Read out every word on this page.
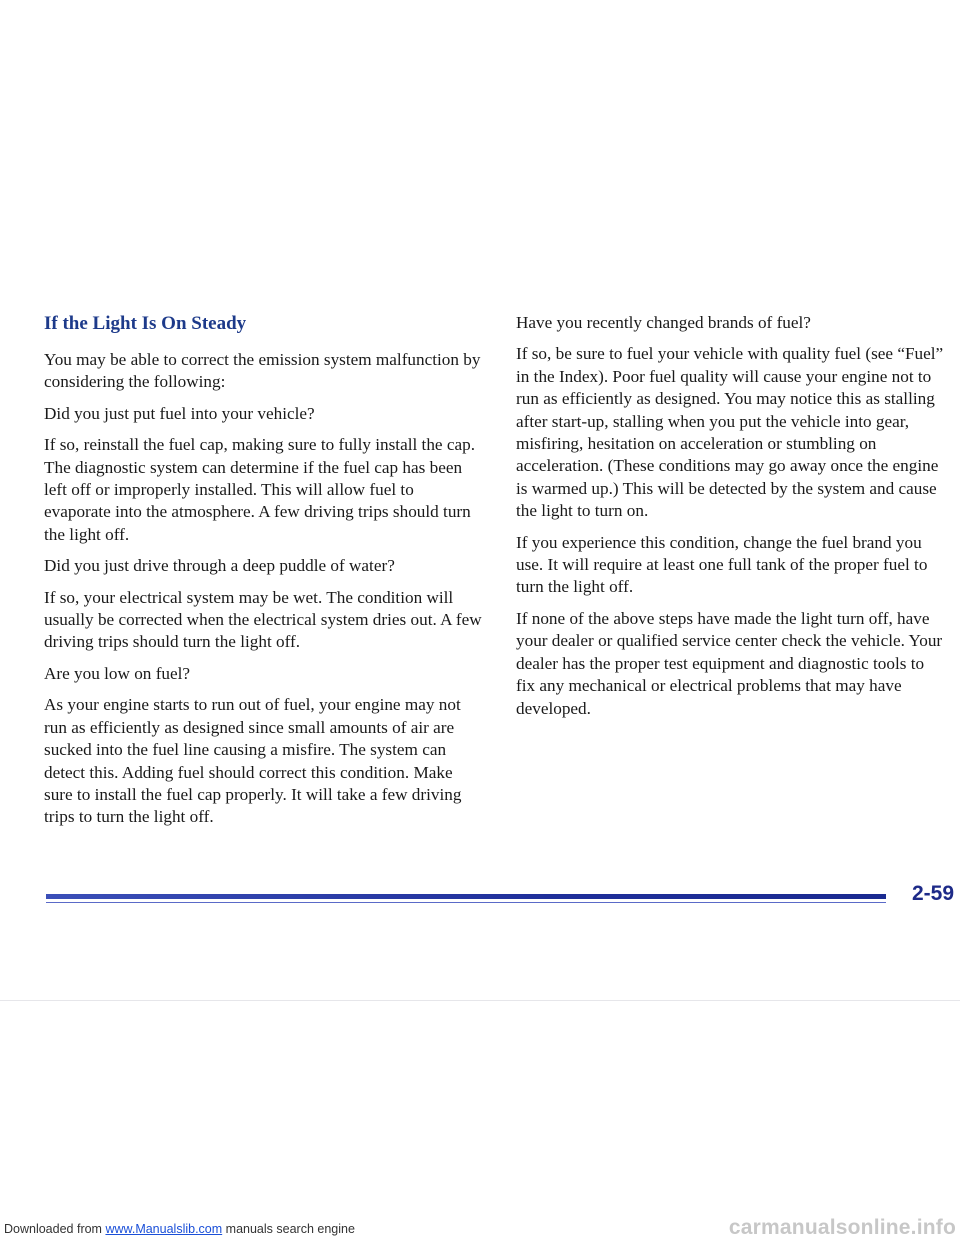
If the Light Is On Steady

You may be able to correct the emission system malfunction by considering the following:

Did you just put fuel into your vehicle?

If so, reinstall the fuel cap, making sure to fully install the cap. The diagnostic system can determine if the fuel cap has been left off or improperly installed. This will allow fuel to evaporate into the atmosphere. A few driving trips should turn the light off.

Did you just drive through a deep puddle of water?

If so, your electrical system may be wet. The condition will usually be corrected when the electrical system dries out. A few driving trips should turn the light off.

Are you low on fuel?

As your engine starts to run out of fuel, your engine may not run as efficiently as designed since small amounts of air are sucked into the fuel line causing a misfire. The system can detect this. Adding fuel should correct this condition. Make sure to install the fuel cap properly. It will take a few driving trips to turn the light off.

Have you recently changed brands of fuel?

If so, be sure to fuel your vehicle with quality fuel (see “Fuel” in the Index). Poor fuel quality will cause your engine not to run as efficiently as designed. You may notice this as stalling after start-up, stalling when you put the vehicle into gear, misfiring, hesitation on acceleration or stumbling on acceleration. (These conditions may go away once the engine is warmed up.) This will be detected by the system and cause the light to turn on.

If you experience this condition, change the fuel brand you use. It will require at least one full tank of the proper fuel to turn the light off.

If none of the above steps have made the light turn off, have your dealer or qualified service center check the vehicle. Your dealer has the proper test equipment and diagnostic tools to fix any mechanical or electrical problems that may have developed.

2-59
Downloaded from www.Manualslib.com manuals search engine	carmanualsonline.info
